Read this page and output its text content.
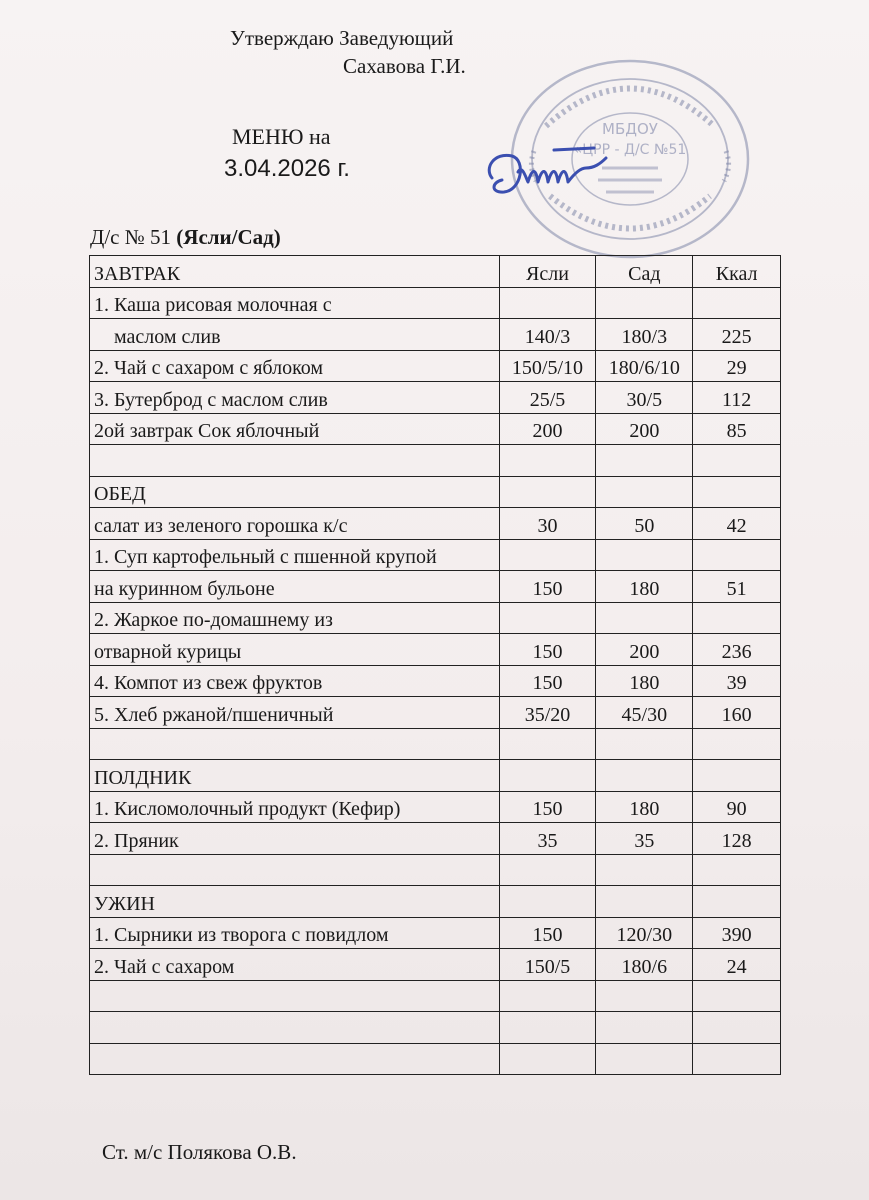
Утверждаю Заведующий
Сахавова Г.И.
МБДОУ
«ЦРР - Д/С №51
МЕНЮ на
3.04.2026 г.
Д/с № 51 (Ясли/Сад)
ЗАВТРАК	Ясли	Сад	Ккал
1. Каша рисовая молочная с			
маслом слив	140/3	180/3	225
2. Чай с сахаром с яблоком	150/5/10	180/6/10	29
3. Бутерброд с маслом слив	25/5	30/5	112
2ой завтрак Сок яблочный	200	200	85

ОБЕД			
салат из зеленого горошка к/с	30	50	42
1. Суп картофельный с пшенной крупой			
на куринном бульоне	150	180	51
2. Жаркое по-домашнему из			
отварной курицы	150	200	236
4. Компот из свеж фруктов	150	180	39
5. Хлеб ржаной/пшеничный	35/20	45/30	160

ПОЛДНИК			
1. Кисломолочный продукт (Кефир)	150	180	90
2. Пряник	35	35	128

УЖИН			
1. Сырники из творога с повидлом	150	120/30	390
2. Чай с сахаром	150/5	180/6	24

Ст. м/с Полякова О.В.
